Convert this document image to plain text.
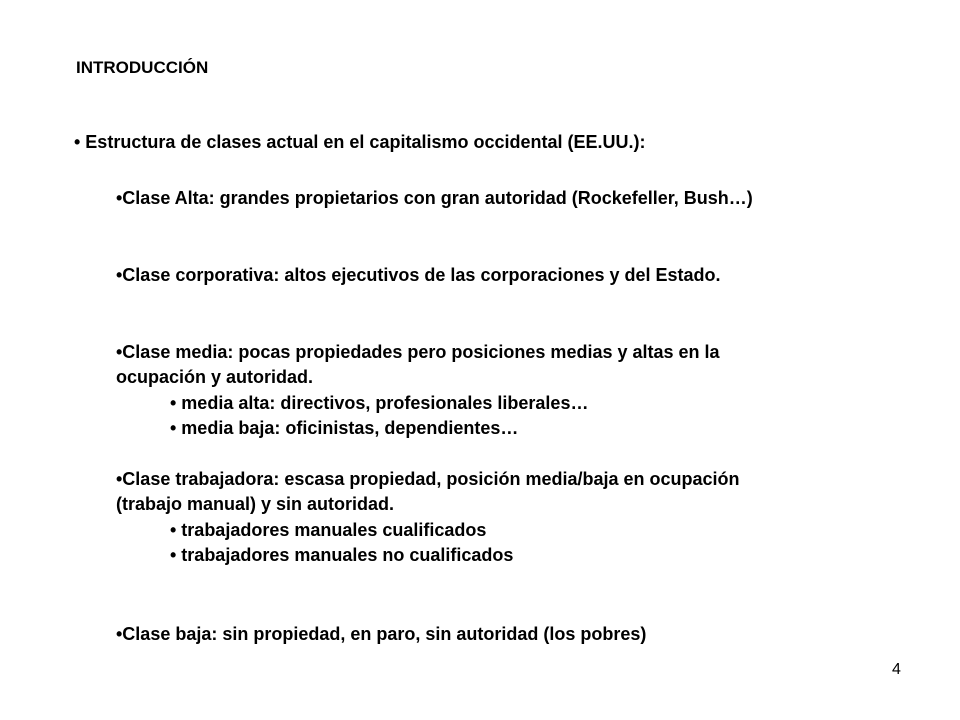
INTRODUCCIÓN
• Estructura de clases actual en el capitalismo occidental (EE.UU.):
•Clase Alta: grandes propietarios con gran autoridad (Rockefeller, Bush…)
•Clase corporativa: altos ejecutivos de las corporaciones y del Estado.
•Clase media: pocas propiedades pero posiciones medias y altas en la
ocupación y autoridad.
• media alta: directivos, profesionales liberales…
• media baja: oficinistas, dependientes…
•Clase trabajadora: escasa propiedad, posición media/baja en ocupación
(trabajo manual) y sin autoridad.
• trabajadores manuales cualificados
• trabajadores manuales no cualificados
•Clase baja: sin propiedad, en paro, sin autoridad (los pobres)
4
